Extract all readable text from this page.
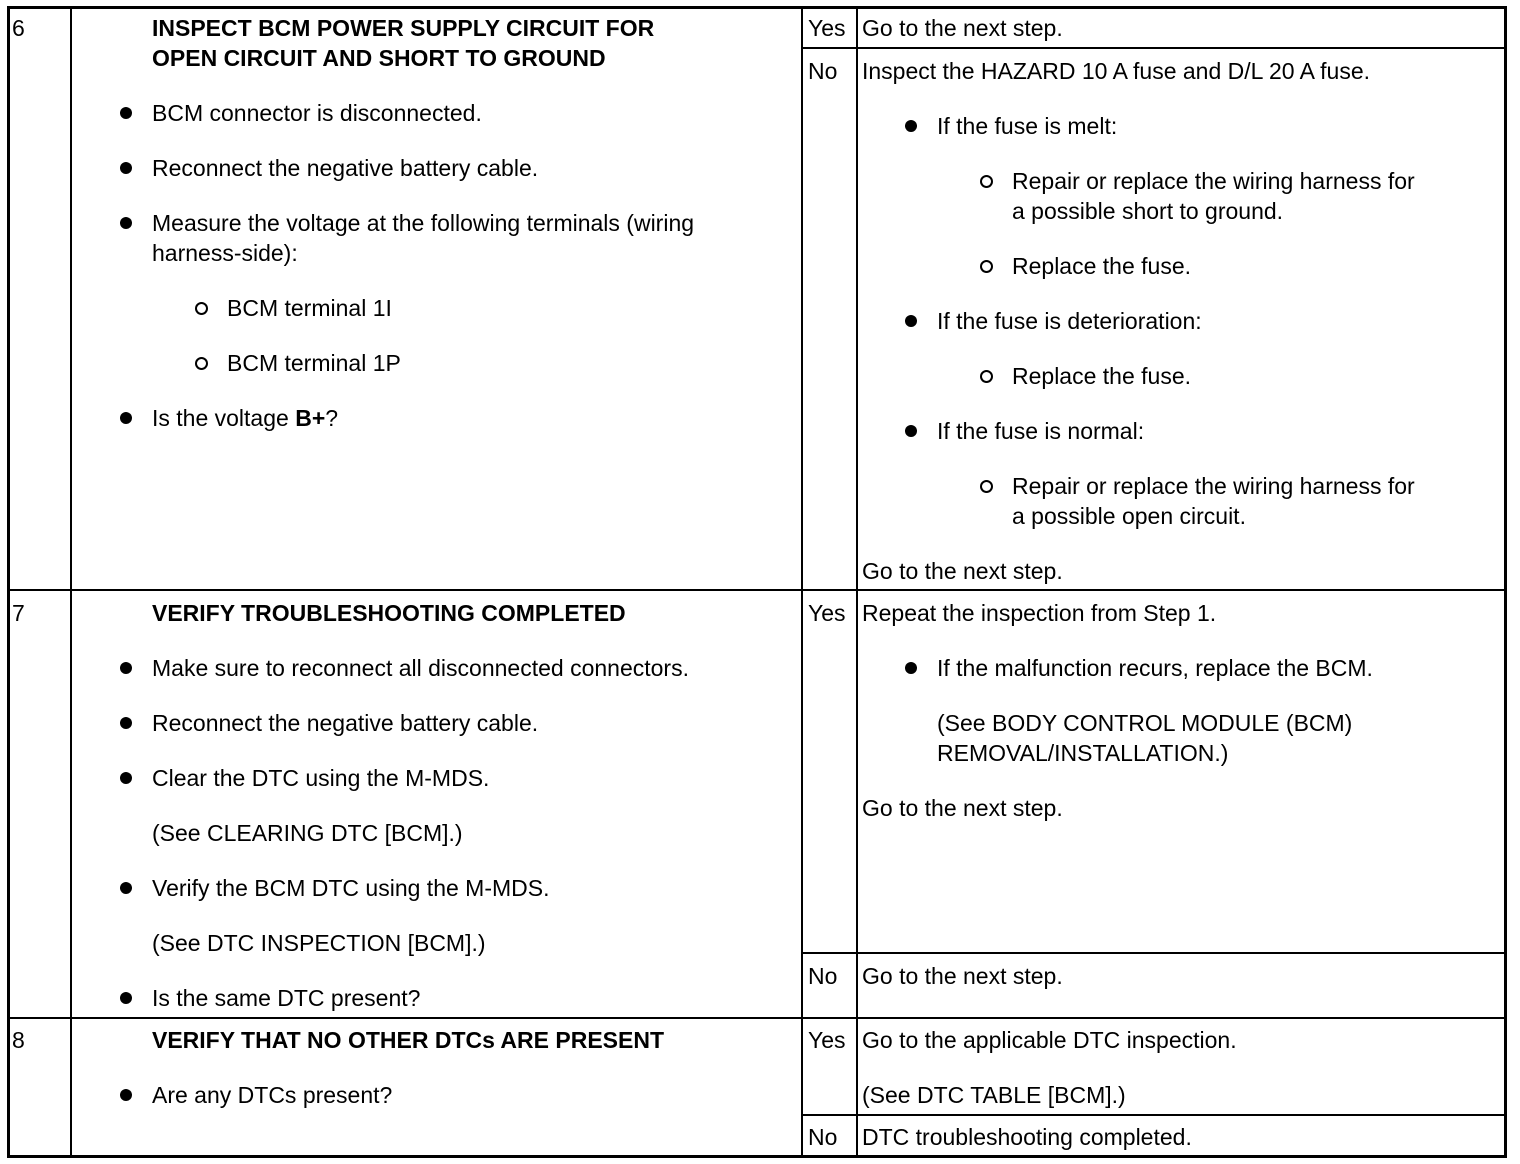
6	INSPECT BCM POWER SUPPLY CIRCUIT FOR
OPEN CIRCUIT AND SHORT TO GROUND
BCM connector is disconnected.
Reconnect the negative battery cable.
Measure the voltage at the following terminals (wiring
harness-side):
BCM terminal 1I
BCM terminal 1P
Is the voltage B+?
Yes Go to the next step.
No Inspect the HAZARD 10 A fuse and D/L 20 A fuse.
If the fuse is melt:
Repair or replace the wiring harness for
a possible short to ground.
Replace the fuse.
If the fuse is deterioration:
Replace the fuse.
If the fuse is normal:
Repair or replace the wiring harness for
a possible open circuit.
Go to the next step.
7	VERIFY TROUBLESHOOTING COMPLETED
Make sure to reconnect all disconnected connectors.
Reconnect the negative battery cable.
Clear the DTC using the M-MDS.
(See CLEARING DTC [BCM].)
Verify the BCM DTC using the M-MDS.
(See DTC INSPECTION [BCM].)
Is the same DTC present?
Yes Repeat the inspection from Step 1.
If the malfunction recurs, replace the BCM.
(See BODY CONTROL MODULE (BCM)
REMOVAL/INSTALLATION.)
Go to the next step.
No Go to the next step.
8	VERIFY THAT NO OTHER DTCs ARE PRESENT
Are any DTCs present?
Yes Go to the applicable DTC inspection.
(See DTC TABLE [BCM].)
No DTC troubleshooting completed.
